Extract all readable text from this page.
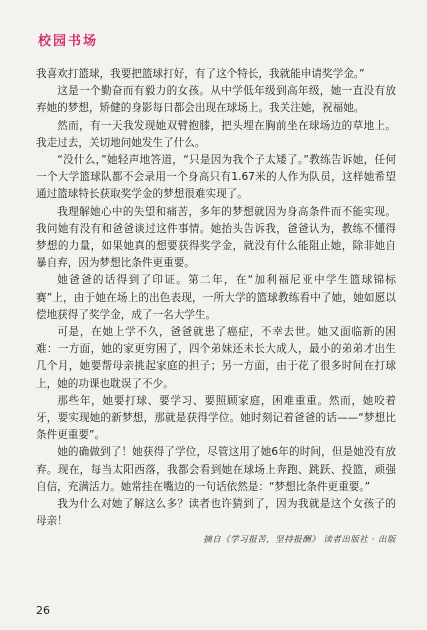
校园书场

我喜欢打篮球，我要把篮球打好，有了这个特长，我就能申请奖学金。”

这是一个勤奋而有毅力的女孩。从中学低年级到高年级，她一直没有放弃她的梦想，矫健的身影每日都会出现在球场上。我关注她，祝福她。

然而，有一天我发现她双臂抱膝，把头埋在胸前坐在球场边的草地上。我走过去，关切地问她发生了什么。

“没什么，”她轻声地答道，“只是因为我个子太矮了。”教练告诉她，任何一个大学篮球队都不会录用一个身高只有1.67米的人作为队员，这样她希望通过篮球特长获取奖学金的梦想很难实现了。

我理解她心中的失望和痛苦，多年的梦想就因为身高条件而不能实现。我问她有没有和爸爸谈过这件事情。她抬头告诉我，爸爸认为，教练不懂得梦想的力量，如果她真的想要获得奖学金，就没有什么能阻止她，除非她自暴自弃，因为梦想比条件更重要。

她爸爸的话得到了印证。第二年，在“加利福尼亚中学生篮球锦标赛”上，由于她在场上的出色表现，一所大学的篮球教练看中了她，她如愿以偿地获得了奖学金，成了一名大学生。

可是，在她上学不久，爸爸就患了癌症，不幸去世。她又面临新的困难：一方面，她的家更穷困了，四个弟妹还未长大成人，最小的弟弟才出生几个月，她要帮母亲挑起家庭的担子；另一方面，由于花了很多时间在打球上，她的功课也耽误了不少。

那些年，她要打球、要学习、要照顾家庭，困难重重。然而，她咬着牙，要实现她的新梦想，那就是获得学位。她时刻记着爸爸的话——“梦想比条件更重要”。

她的确做到了！她获得了学位，尽管这用了她6年的时间，但是她没有放弃。现在，每当太阳西落，我都会看到她在球场上奔跑、跳跃、投篮，顽强自信，充满活力。她常挂在嘴边的一句话依然是：“梦想比条件更重要。”

我为什么对她了解这么多？读者也许猜到了，因为我就是这个女孩子的母亲！

摘自《学习报苦，坚持报酬》 读者出版社 · 出版
26
